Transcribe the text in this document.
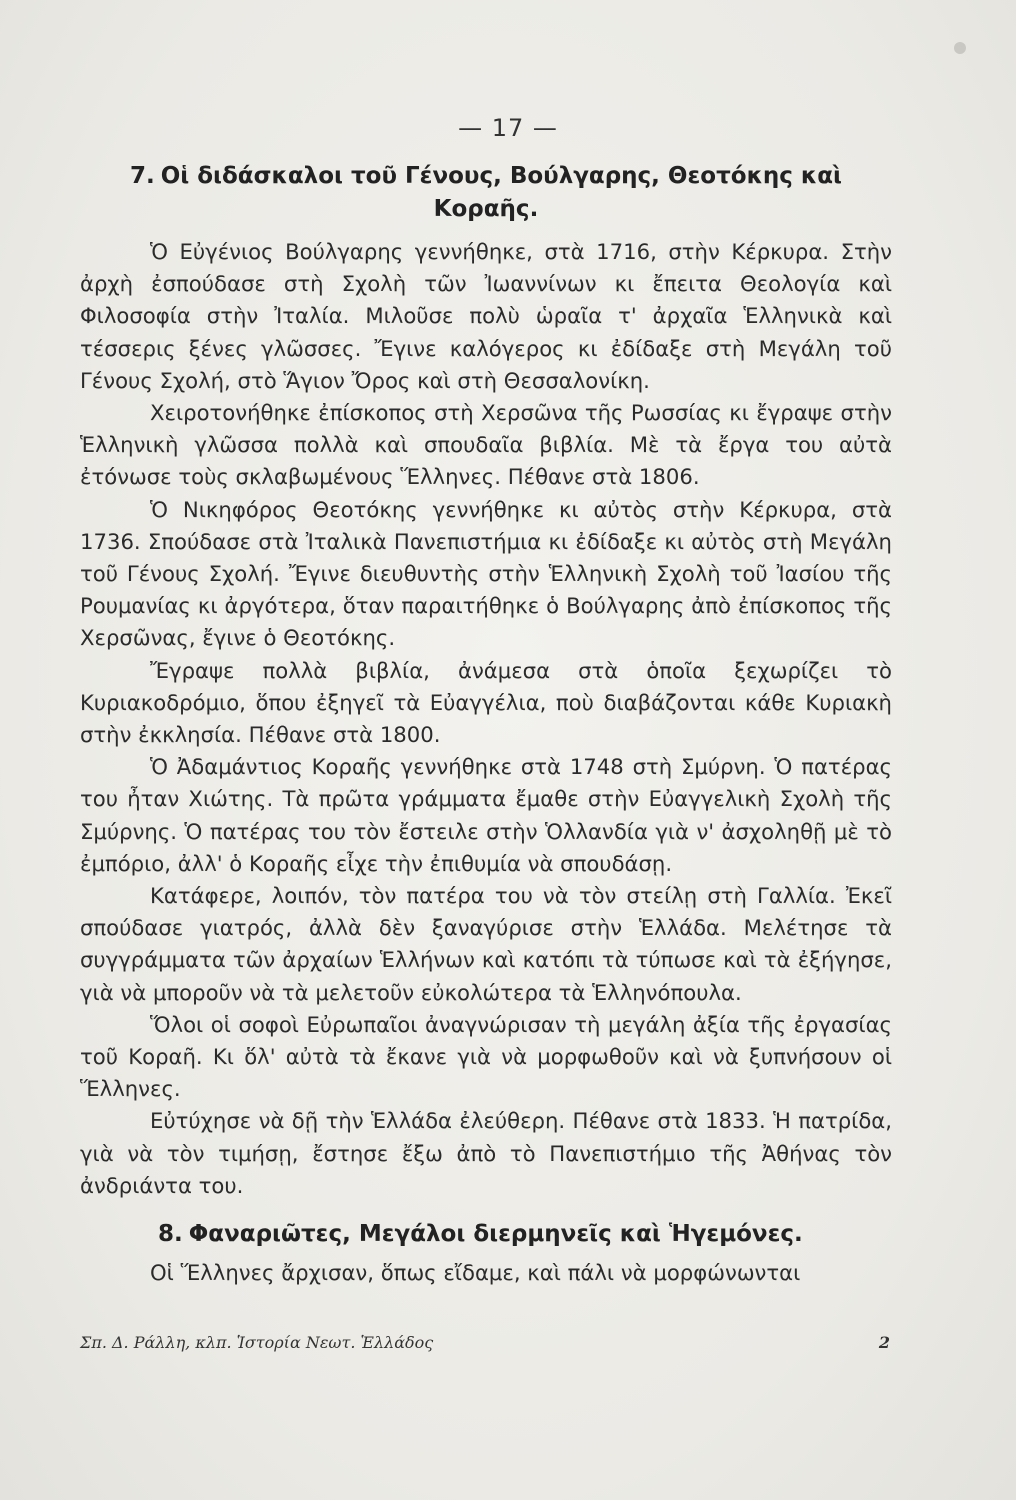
— 17 —
7. Οἱ διδάσκαλοι τοῦ Γένους, Βούλγαρης, Θεοτόκης καὶ Κοραῆς.

Ὁ Εὐγένιος Βούλγαρης γεννήθηκε, στὰ 1716, στὴν Κέρκυρα. Στὴν ἀρχὴ ἐσπούδασε στὴ Σχολὴ τῶν Ἰωαννίνων κι ἔπειτα Θεολογία καὶ Φιλοσοφία στὴν Ἰταλία. Μιλοῦσε πολὺ ὡραῖα τ' ἀρχαῖα Ἑλληνικὰ καὶ τέσσερις ξένες γλῶσσες. Ἔγινε καλόγερος κι ἐδίδαξε στὴ Μεγάλη τοῦ Γένους Σχολή, στὸ Ἅγιον Ὄρος καὶ στὴ Θεσσαλονίκη.

Χειροτονήθηκε ἐπίσκοπος στὴ Χερσῶνα τῆς Ρωσσίας κι ἔγραψε στὴν Ἑλληνικὴ γλῶσσα πολλὰ καὶ σπουδαῖα βιβλία. Μὲ τὰ ἔργα του αὐτὰ ἐτόνωσε τοὺς σκλαβωμένους Ἕλληνες. Πέθανε στὰ 1806.

Ὁ Νικηφόρος Θεοτόκης γεννήθηκε κι αὐτὸς στὴν Κέρκυρα, στὰ 1736. Σπούδασε στὰ Ἰταλικὰ Πανεπιστήμια κι ἐδίδαξε κι αὐτὸς στὴ Μεγάλη τοῦ Γένους Σχολή. Ἔγινε διευθυντὴς στὴν Ἑλληνικὴ Σχολὴ τοῦ Ἰασίου τῆς Ρουμανίας κι ἀργότερα, ὅταν παραιτήθηκε ὁ Βούλγαρης ἀπὸ ἐπίσκοπος τῆς Χερσῶνας, ἔγινε ὁ Θεοτόκης.

Ἔγραψε πολλὰ βιβλία, ἀνάμεσα στὰ ὁποῖα ξεχωρίζει τὸ Κυριακοδρόμιο, ὅπου ἐξηγεῖ τὰ Εὐαγγέλια, ποὺ διαβάζονται κάθε Κυριακὴ στὴν ἐκκλησία. Πέθανε στὰ 1800.

Ὁ Ἀδαμάντιος Κοραῆς γεννήθηκε στὰ 1748 στὴ Σμύρνη. Ὁ πατέρας του ἦταν Χιώτης. Τὰ πρῶτα γράμματα ἔμαθε στὴν Εὐαγγελικὴ Σχολὴ τῆς Σμύρνης. Ὁ πατέρας του τὸν ἔστειλε στὴν Ὁλλανδία γιὰ ν' ἀσχοληθῇ μὲ τὸ ἐμπόριο, ἀλλ' ὁ Κοραῆς εἶχε τὴν ἐπιθυμία νὰ σπουδάσῃ.

Κατάφερε, λοιπόν, τὸν πατέρα του νὰ τὸν στείλῃ στὴ Γαλλία. Ἐκεῖ σπούδασε γιατρός, ἀλλὰ δὲν ξαναγύρισε στὴν Ἑλλάδα. Μελέτησε τὰ συγγράμματα τῶν ἀρχαίων Ἑλλήνων καὶ κατόπι τὰ τύπωσε καὶ τὰ ἐξήγησε, γιὰ νὰ μποροῦν νὰ τὰ μελετοῦν εὐκολώτερα τὰ Ἑλληνόπουλα.

Ὅλοι οἱ σοφοὶ Εὐρωπαῖοι ἀναγνώρισαν τὴ μεγάλη ἀξία τῆς ἐργασίας τοῦ Κοραῆ. Κι ὅλ' αὐτὰ τὰ ἔκανε γιὰ νὰ μορφωθοῦν καὶ νὰ ξυπνήσουν οἱ Ἕλληνες.

Εὐτύχησε νὰ δῇ τὴν Ἑλλάδα ἐλεύθερη. Πέθανε στὰ 1833. Ἡ πατρίδα, γιὰ νὰ τὸν τιμήσῃ, ἔστησε ἔξω ἀπὸ τὸ Πανεπιστήμιο τῆς Ἀθήνας τὸν ἀνδριάντα του.

8. Φαναριῶτες, Μεγάλοι διερμηνεῖς καὶ Ἡγεμόνες.

Οἱ Ἕλληνες ἄρχισαν, ὅπως εἴδαμε, καὶ πάλι νὰ μορφώνωνται

Σπ. Δ. Ράλλη, κλπ. Ἱστορία Νεωτ. Ἑλλάδος	2
